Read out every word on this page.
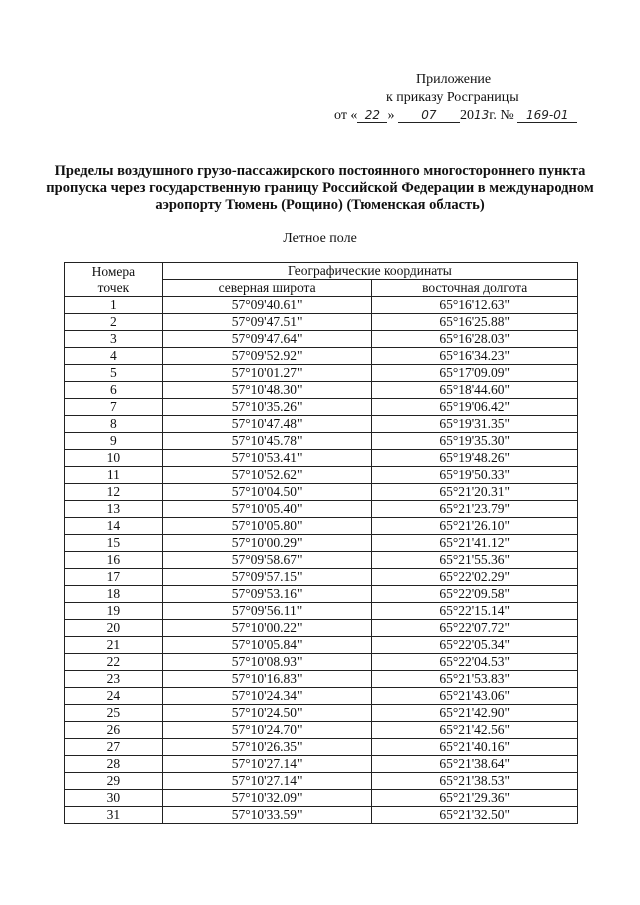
Приложение
к приказу Росграницы
от « 22 » 07 2013г. № 169-01
Пределы воздушного грузо-пассажирского постоянного многостороннего пункта пропуска через государственную границу Российской Федерации в международном аэропорту Тюмень (Рощино) (Тюменская область)
Летное поле
Номера
точек	Географические координаты	
	северная широта	восточная долгота
1	57°09'40.61"	65°16'12.63"
2	57°09'47.51"	65°16'25.88"
3	57°09'47.64"	65°16'28.03"
4	57°09'52.92"	65°16'34.23"
5	57°10'01.27"	65°17'09.09"
6	57°10'48.30"	65°18'44.60"
7	57°10'35.26"	65°19'06.42"
8	57°10'47.48"	65°19'31.35"
9	57°10'45.78"	65°19'35.30"
10	57°10'53.41"	65°19'48.26"
11	57°10'52.62"	65°19'50.33"
12	57°10'04.50"	65°21'20.31"
13	57°10'05.40"	65°21'23.79"
14	57°10'05.80"	65°21'26.10"
15	57°10'00.29"	65°21'41.12"
16	57°09'58.67"	65°21'55.36"
17	57°09'57.15"	65°22'02.29"
18	57°09'53.16"	65°22'09.58"
19	57°09'56.11"	65°22'15.14"
20	57°10'00.22"	65°22'07.72"
21	57°10'05.84"	65°22'05.34"
22	57°10'08.93"	65°22'04.53"
23	57°10'16.83"	65°21'53.83"
24	57°10'24.34"	65°21'43.06"
25	57°10'24.50"	65°21'42.90"
26	57°10'24.70"	65°21'42.56"
27	57°10'26.35"	65°21'40.16"
28	57°10'27.14"	65°21'38.64"
29	57°10'27.14"	65°21'38.53"
30	57°10'32.09"	65°21'29.36"
31	57°10'33.59"	65°21'32.50"
